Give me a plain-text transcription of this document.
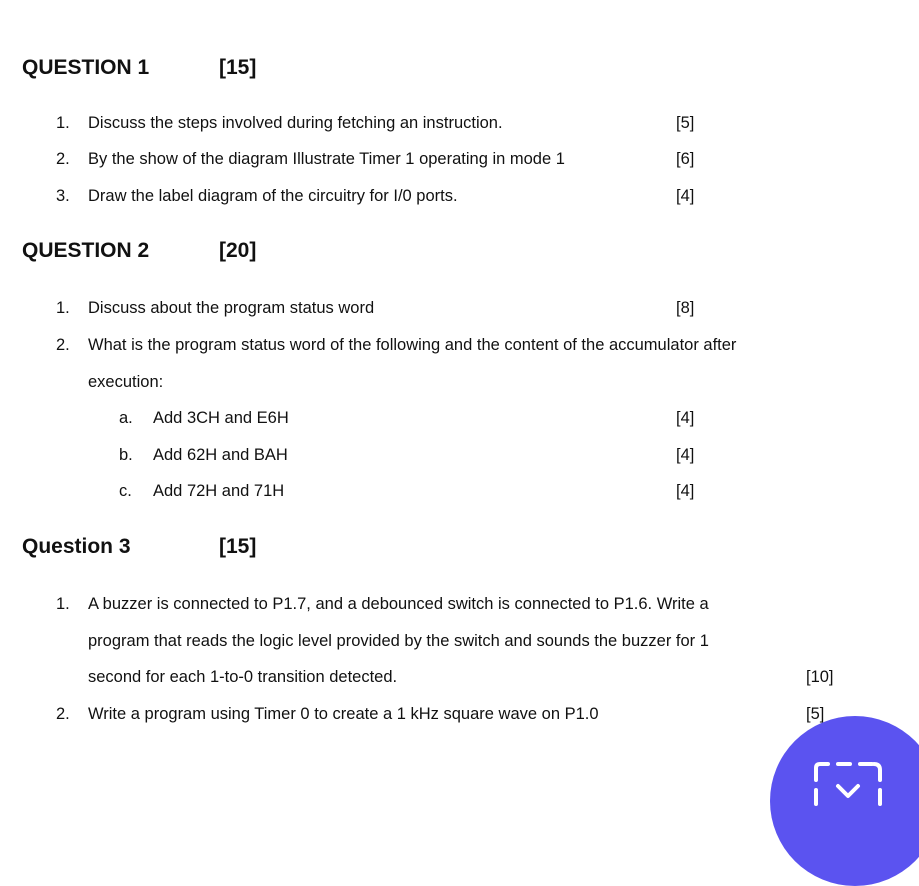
QUESTION 1	[15]
1. Discuss the steps involved during fetching an instruction.	[5]
2. By the show of the diagram Illustrate Timer 1 operating in mode 1	[6]
3. Draw the label diagram of the circuitry for I/0 ports.	[4]
QUESTION 2	[20]
1. Discuss about the program status word	[8]
2. What is the program status word of the following and the content of the accumulator after
execution:
a. Add 3CH and E6H	[4]
b. Add 62H and BAH	[4]
c. Add 72H and 71H	[4]
Question 3	[15]
1. A buzzer is connected to P1.7, and a debounced switch is connected to P1.6. Write a
program that reads the logic level provided by the switch and sounds the buzzer for 1
second for each 1-to-0 transition detected.	[10]
2. Write a program using Timer 0 to create a 1 kHz square wave on P1.0	[5]
